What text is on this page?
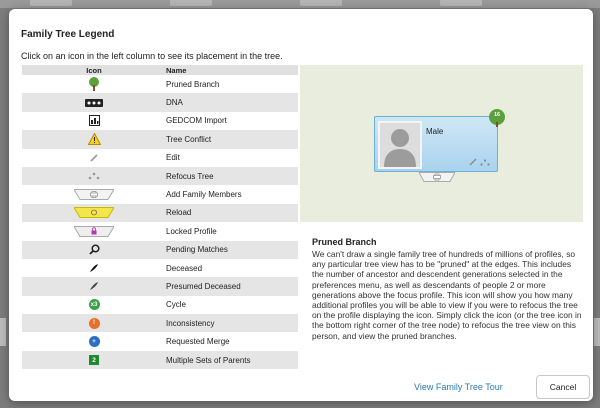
Family Tree Legend
Click on an icon in the left column to see its placement in the tree.
Icon	Name
Pruned Branch
DNA
GEDCOM Import
Tree Conflict
Edit
Refocus Tree
Add Family Members
Reload
Locked Profile
Pending Matches
Deceased
Presumed Deceased
x3	Cycle
!	Inconsistency
+	Requested Merge
2	Multiple Sets of Parents
Male

16
Pruned Branch
We can't draw a single family tree of hundreds of millions of profiles, so any particular tree view has to be "pruned" at the edges. This includes the number of ancestor and descendent generations selected in the preferences menu, as well as descendants of people 2 or more generations above the focus profile. This icon will show you how many additional profiles you will be able to view if you were to refocus the tree on the profile displaying the icon. Simply click the icon (or the tree icon in the bottom right corner of the tree node) to refocus the tree view on this person, and view the pruned branches.
View Family Tree Tour	Cancel
